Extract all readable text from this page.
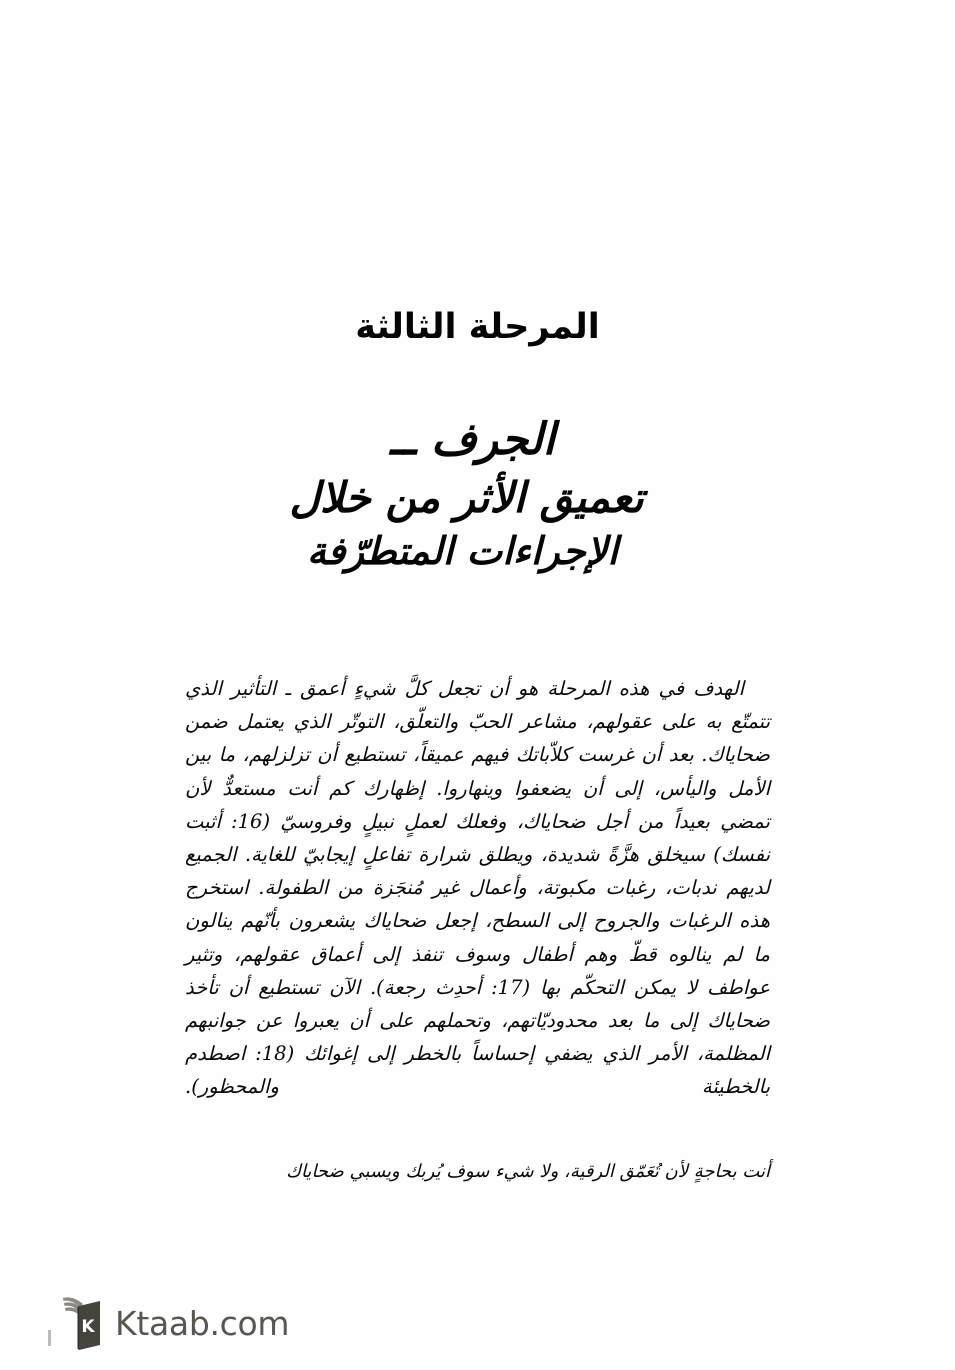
المرحلة الثالثة
الجرف ــ
تعميق الأثر من خلال
الإجراءات المتطرّفة

الهدف في هذه المرحلة هو أن تجعل كلَّ شيءٍ أعمق ـ التأثير الذي تتمتّع به على عقولهم، مشاعر الحبّ والتعلّق، التوتّر الذي يعتمل ضمن ضحاياك. بعد أن غرست كلاّباتك فيهم عميقاً، تستطيع أن تزلزلهم، ما بين الأمل واليأس، إلى أن يضعفوا وينهاروا. إظهارك كم أنت مستعدٌّ لأن تمضي بعيداً من أجل ضحاياك، وفعلك لعملٍ نبيلٍ وفروسيّ (16: أثبت نفسك) سيخلق هزَّةً شديدة، ويطلق شرارة تفاعلٍ إيجابيّ للغاية. الجميع لديهم ندبات، رغبات مكبوتة، وأعمال غير مُنجَزة من الطفولة. استخرج هذه الرغبات والجروح إلى السطح، إجعل ضحاياك يشعرون بأنّهم ينالون ما لم ينالوه قطّ وهم أطفال وسوف تنفذ إلى أعماق عقولهم، وتثير عواطف لا يمكن التحكّم بها (17: أحدِث رجعة). الآن تستطيع أن تأخذ ضحاياك إلى ما بعد محدوديّاتهم، وتحملهم على أن يعبروا عن جوانبهم المظلمة، الأمر الذي يضفي إحساساً بالخطر إلى إغوائك (18: اصطدم بالخطيئة والمحظور).

أنت بحاجةٍ لأن تُعَمّق الرقية، ولا شيء سوف يُربك ويسبي ضحاياك
K Ktaab.com
